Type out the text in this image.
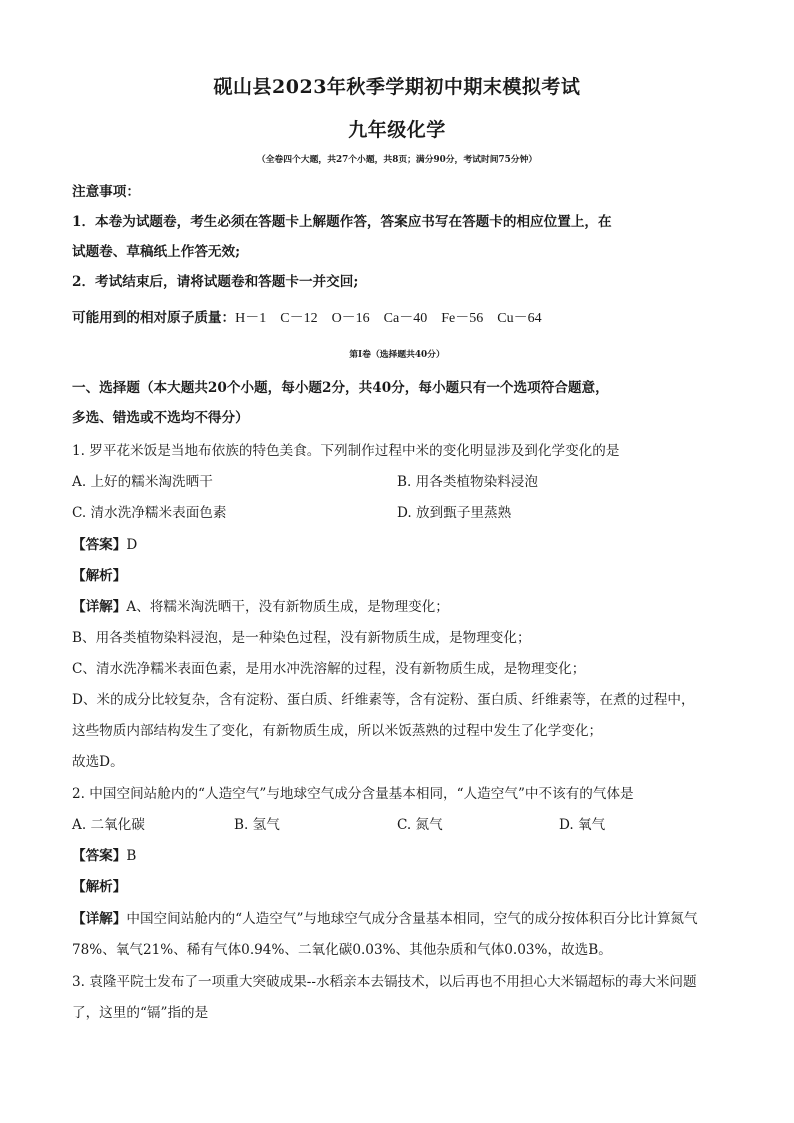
砚山县2023年秋季学期初中期末模拟考试
九年级化学
（全卷四个大题，共27个小题，共8页；满分90分，考试时间75分钟）
注意事项：
1．本卷为试题卷，考生必须在答题卡上解题作答，答案应书写在答题卡的相应位置上，在
试题卷、草稿纸上作答无效;
2．考试结束后，请将试题卷和答题卡一并交回;
可能用到的相对原子质量：H－1　C－12　O－16　Ca－40　Fe－56　Cu－64
第Ⅰ卷（选择题共40分）
一、选择题（本大题共20个小题，每小题2分，共40分，每小题只有一个选项符合题意，
多选、错选或不选均不得分）
1. 罗平花米饭是当地布依族的特色美食。下列制作过程中米的变化明显涉及到化学变化的是
A. 上好的糯米淘洗晒干	B. 用各类植物染料浸泡
C. 清水洗净糯米表面色素	D. 放到甄子里蒸熟
【答案】D
【解析】
【详解】A、将糯米淘洗晒干，没有新物质生成，是物理变化；
B、用各类植物染料浸泡，是一种染色过程，没有新物质生成，是物理变化；
C、清水洗净糯米表面色素，是用水冲洗溶解的过程，没有新物质生成，是物理变化；
D、米的成分比较复杂，含有淀粉、蛋白质、纤维素等，含有淀粉、蛋白质、纤维素等，在煮的过程中，
这些物质内部结构发生了变化，有新物质生成，所以米饭蒸熟的过程中发生了化学变化；
故选D。
2. 中国空间站舱内的“人造空气”与地球空气成分含量基本相同，“人造空气”中不该有的气体是
A. 二氧化碳	B. 氢气	C. 氮气	D. 氧气
【答案】B
【解析】
【详解】中国空间站舱内的“人造空气”与地球空气成分含量基本相同，空气的成分按体积百分比计算氮气
78%、氧气21%、稀有气体0.94%、二氧化碳0.03%、其他杂质和气体0.03%，故选B。
3. 袁隆平院士发布了一项重大突破成果--水稻亲本去镉技术，以后再也不用担心大米镉超标的毒大米问题
了，这里的“镉”指的是
